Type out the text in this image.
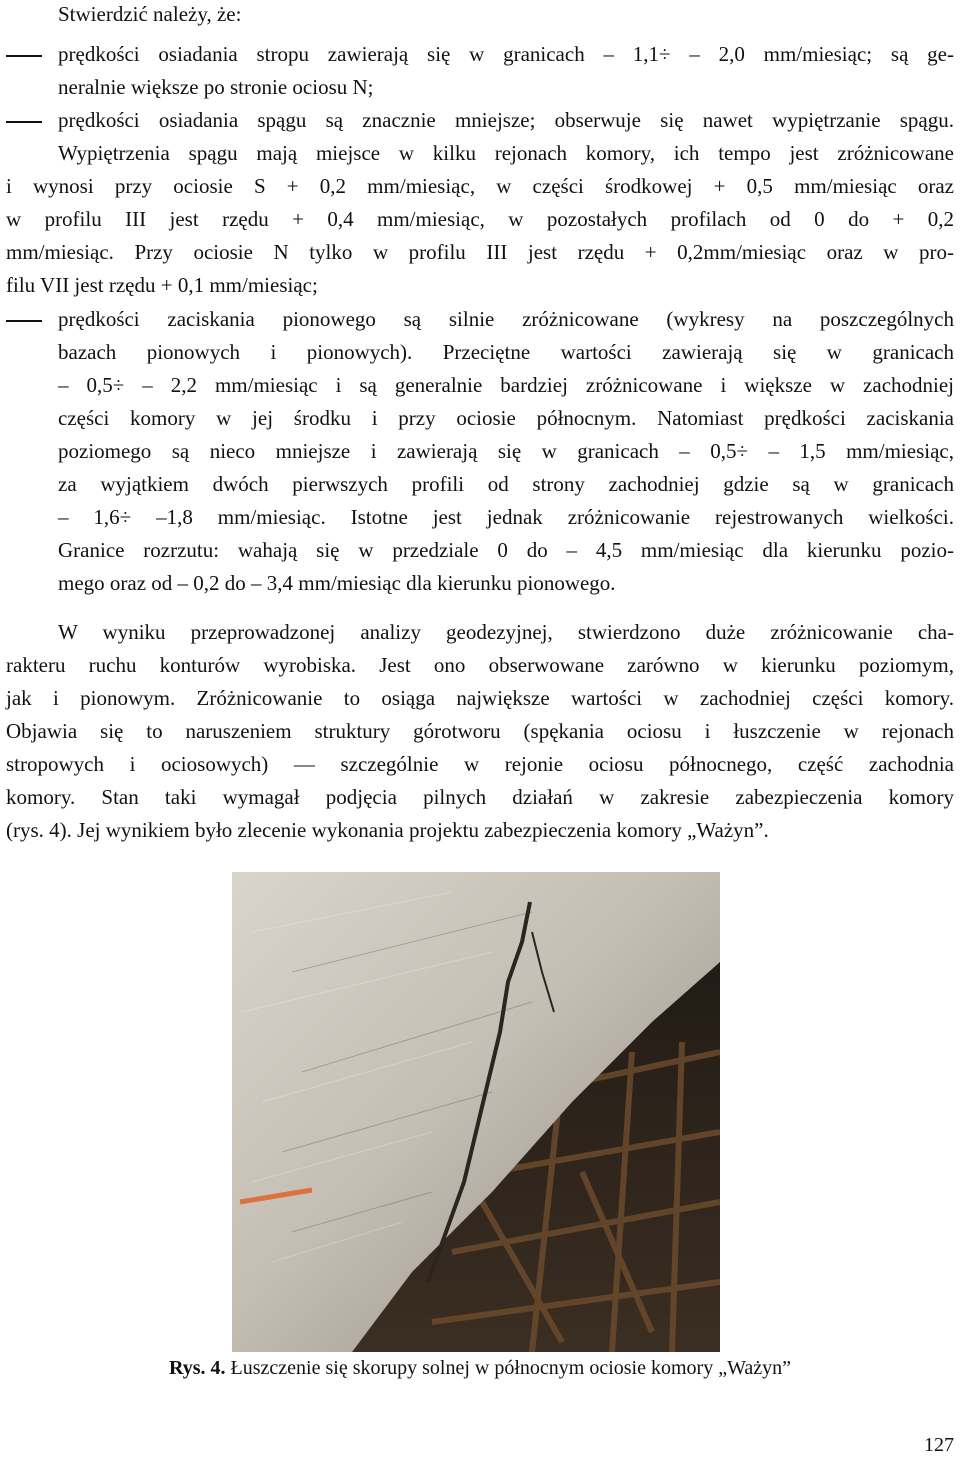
Stwierdzić należy, że:

prędkości osiadania stropu zawierają się w granicach – 1,1÷ – 2,0 mm/miesiąc; są ge-

neralnie większe po stronie ociosu N;

prędkości osiadania spągu są znacznie mniejsze; obserwuje się nawet wypiętrzanie spągu.

Wypiętrzenia spągu mają miejsce w kilku rejonach komory, ich tempo jest zróżnicowane

i wynosi przy ociosie S + 0,2 mm/miesiąc, w części środkowej + 0,5 mm/miesiąc oraz

w profilu III jest rzędu + 0,4 mm/miesiąc, w pozostałych profilach od 0 do + 0,2

mm/miesiąc. Przy ociosie N tylko w profilu III jest rzędu + 0,2mm/miesiąc oraz w pro-

filu VII jest rzędu + 0,1 mm/miesiąc;

prędkości zaciskania pionowego są silnie zróżnicowane (wykresy na poszczególnych

bazach pionowych i pionowych). Przeciętne wartości zawierają się w granicach

– 0,5÷ – 2,2 mm/miesiąc i są generalnie bardziej zróżnicowane i większe w zachodniej

części komory w jej środku i przy ociosie północnym. Natomiast prędkości zaciskania

poziomego są nieco mniejsze i zawierają się w granicach – 0,5÷ – 1,5 mm/miesiąc,

za wyjątkiem dwóch pierwszych profili od strony zachodniej gdzie są w granicach

– 1,6÷ –1,8 mm/miesiąc. Istotne jest jednak zróżnicowanie rejestrowanych wielkości.

Granice rozrzutu: wahają się w przedziale 0 do – 4,5 mm/miesiąc dla kierunku pozio-

mego oraz od – 0,2 do – 3,4 mm/miesiąc dla kierunku pionowego.

W wyniku przeprowadzonej analizy geodezyjnej, stwierdzono duże zróżnicowanie cha-

rakteru ruchu konturów wyrobiska. Jest ono obserwowane zarówno w kierunku poziomym,

jak i pionowym. Zróżnicowanie to osiąga największe wartości w zachodniej części komory.

Objawia się to naruszeniem struktury górotworu (spękania ociosu i łuszczenie w rejonach

stropowych i ociosowych) — szczególnie w rejonie ociosu północnego, część zachodnia

komory. Stan taki wymagał podjęcia pilnych działań w zakresie zabezpieczenia komory

(rys. 4). Jej wynikiem było zlecenie wykonania projektu zabezpieczenia komory „Ważyn”.

Rys. 4. Łuszczenie się skorupy solnej w północnym ociosie komory „Ważyn”
127
